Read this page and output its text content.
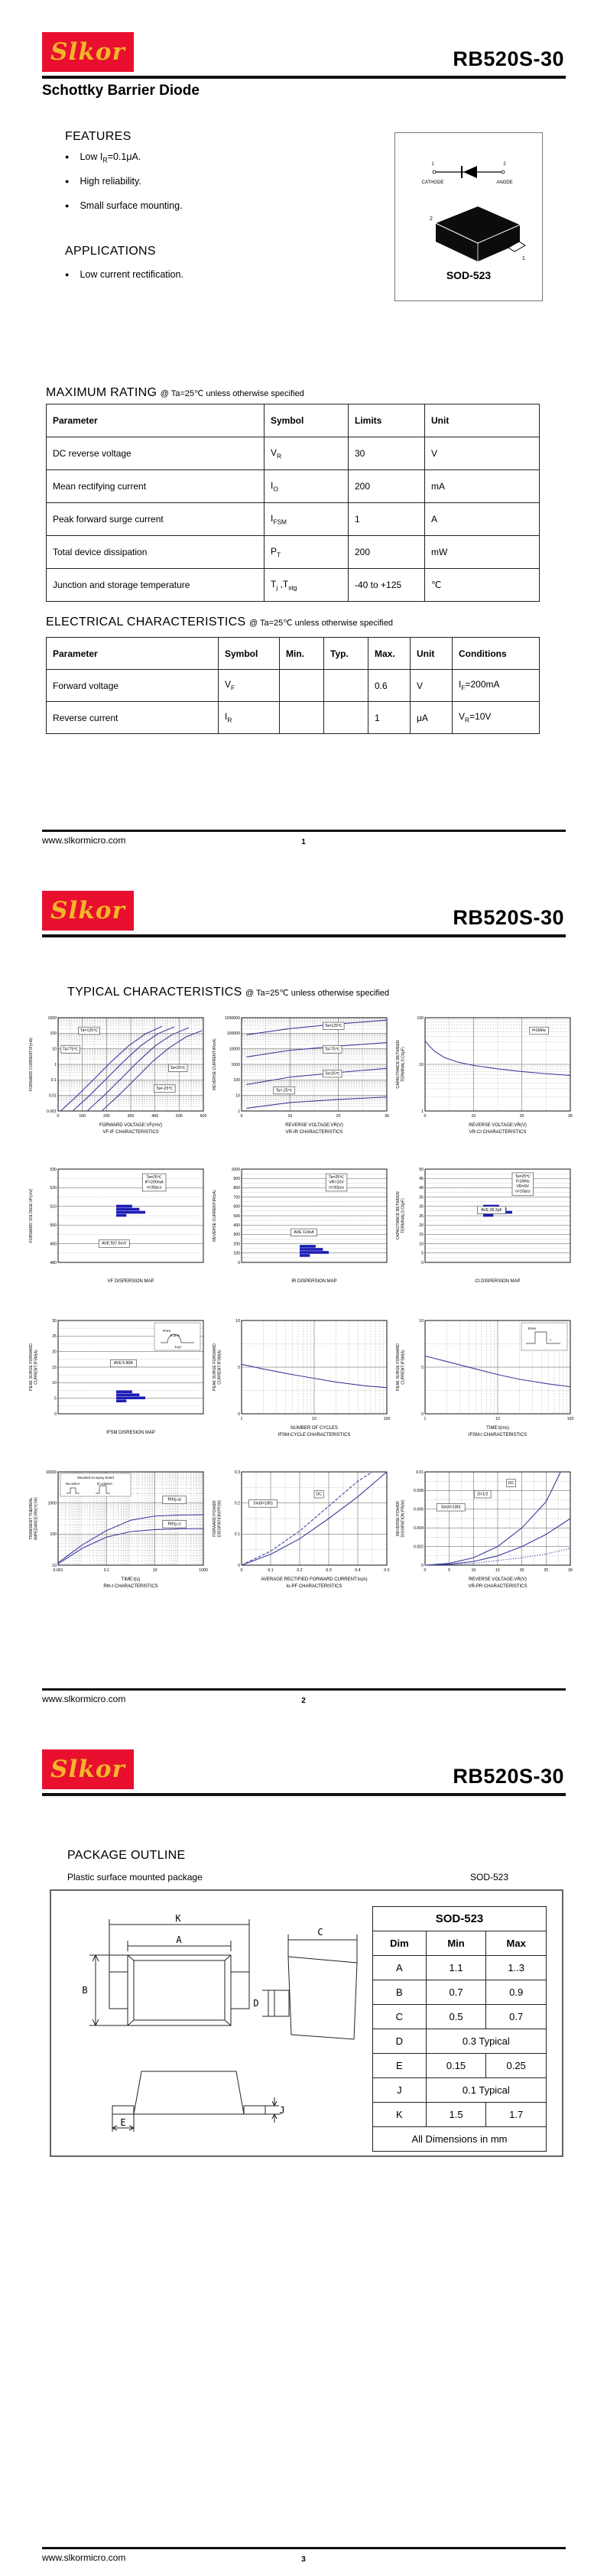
Slkor	RB520S-30
Schottky Barrier Diode
FEATURES
● Low $I_R=0.1\mu A$.
● High reliability.
● Small surface mounting.
APPLICATIONS
● Low current rectification.
1	2
CATHODE	ANODE
2
1
SOD-523
MAXIMUM RATING @ Ta=25℃ unless otherwise specified
Parameter	Symbol	Limits	Unit
DC reverse voltage	$V_R$	30	V
Mean rectifying current	$I_O$	200	mA
Peak forward surge current	$I_{FSM}$	1	A
Total device dissipation	$P_T$	200	mW
Junction and storage temperature	$T_j$ $,T_{stg}$	-40 to +125	℃
ELECTRICAL CHARACTERISTICS @ Ta=25℃ unless otherwise specified
Parameter	Symbol	Min.	Typ.	Max.	Unit	Conditions
Forward voltage	$V_F$			0.6	V	$I_F=200mA$
Reverse current	$I_R$			1	μA	$V_R=10V$
www.slkormicro.com	1
Slkor	RB520S-30
TYPICAL CHARACTERISTICS @ Ta=25℃ unless otherwise specified
0.001
0.01
0.1
1
10
100
1000
0	100	200	300	400	500	600
Ta=125℃
Ta=75℃
Ta=25℃
Ta=-25℃
FORWARD CURRENT:IF(mA)
FORWARD VOLTAGE:VF(mV)
VF-IF CHARACTERISTICS
1
10
100
1000
10000
100000
1000000
0	10	20	30
Ta=125℃
Ta=75℃
Ta=25℃
Ta=-25℃
REVERSE CURRENT:IR(nA)
REVERSE VOLTAGE:VR(V)
VR-IR CHARACTERISTICS
1
10
100
0	10	20	30
f=1MHz
CAPACITANCE BETWEEN TERMINALS:Ct(pF)
REVERSE VOLTAGE:VR(V)
VR-Ct CHARACTERISTICS
480
490
500
510
520
530
Ta=25℃
IF=200mA
n=30pcs
AVE:507.6mV
FORWARD VOLTAGE:VF(mV)
VF DISPERSION MAP
0
100
200
300
400
500
600
700
800
900
1000
Ta=25℃
VR=10V
n=30pcs
AVE:114nA
REVERSE CURRENT:IR(nA)
IR DISPERSION MAP
0
5
10
15
20
25
30
35
40
45
50
Ta=25℃
f=1MHz
VR=0V
n=10pcs
AVE:28.2pF
CAPACITANCE BETWEEN TERMINALS:Ct(pF)
Ct DISPERSION MAP
0
5
10
15
20
25
30
AVE:5.80A
IFsm
8.3ms
1cyc
PEAK SURGE FORWARD CURRENT:IFSM(A)
IFSM DISRESION MAP
0
5
10
1	10	100
PEAK SURGE FORWARD CURRENT:IFSM(A)
NUMBER OF CYCLES
IFSM-CYCLE CHARACTERISTICS
0
5
10
1	10	100
IFsm
t
PEAK SURGE FORWARD CURRENT:IFSM(A)
TIME:t(ms)
IFSM-t CHARACTERISTICS
10
100
1000
10000
0.001	0.1	10	1000
Rth(j-a)
Rth(j-c)
Mounted on epoxy board
IM=10mA	IF=100mA
TRANSIENT THERMAL IMPEDANCE:Rth(℃/W)
TIME:t(s)
Rth-t CHARACTERISTICS
0
0.1
0.2
0.3
0	0.1	0.2	0.3	0.4	0.5
Sin(θ=180)
DC
FORWARD POWER DISSIPATION:PF(W)
AVERAGE RECTIFIED FORWARD CURRENT:Io(A)
Io-PF CHARACTERISTICS
0
0.002
0.004
0.006
0.008
0.01
0	5	10	15	20	25	30
DC
D=1/2
Sin(θ=180)
REVERSE POWER DISSIPATION:PR(W)
REVERSE VOLTAGE:VR(V)
VR-PR CHARACTERISTICS
www.slkormicro.com	2
Slkor	RB520S-30
PACKAGE OUTLINE
Plastic surface mounted package	SOD-523
K
A
B
C
D
E
J
SOD-523		
Dim	Min	Max
A	1.1	1..3
B	0.7	0.9
C	0.5	0.7
D	0.3 Typical	
E	0.15	0.25
J	0.1 Typical	
K	1.5	1.7
All Dimensions in mm		
www.slkormicro.com	3
